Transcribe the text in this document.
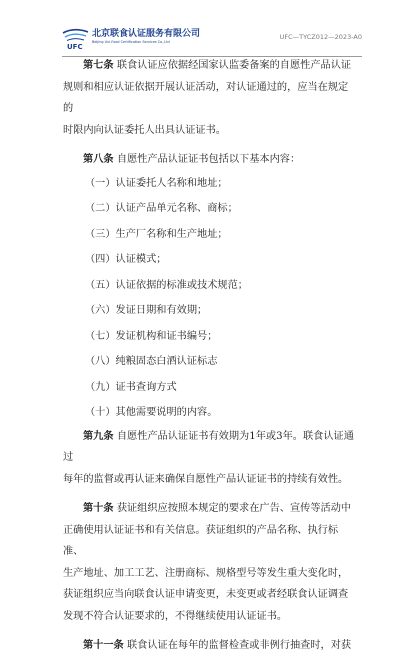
UFC
北京联食认证服务有限公司
Beijing Uni-Food Certification Services Co.,Ltd
UFC—TYCZ012—2023-A0

第七条 联食认证应依据经国家认监委备案的自愿性产品认证
规则和相应认证依据开展认证活动，对认证通过的，应当在规定的
时限内向认证委托人出具认证证书。

第八条 自愿性产品认证证书包括以下基本内容：

（一）认证委托人名称和地址；

（二）认证产品单元名称、商标；

（三）生产厂名称和生产地址；

（四）认证模式；

（五）认证依据的标准或技术规范；

（六）发证日期和有效期；

（七）发证机构和证书编号；

（八）纯粮固态白酒认证标志

（九）证书查询方式

（十）其他需要说明的内容。

第九条 自愿性产品认证证书有效期为1年或3年。联食认证通过
每年的监督或再认证来确保自愿性产品认证证书的持续有效性。

第十条 获证组织应按照本规定的要求在广告、宣传等活动中
正确使用认证证书和有关信息。获证组织的产品名称、执行标准、
生产地址、加工工艺、注册商标、规格型号等发生重大变化时，
获证组织应当向联食认证申请变更，未变更或者经联食认证调查
发现不符合认证要求的，不得继续使用认证证书。

第十一条 联食认证在每年的监督检查或非例行抽查时，对获
